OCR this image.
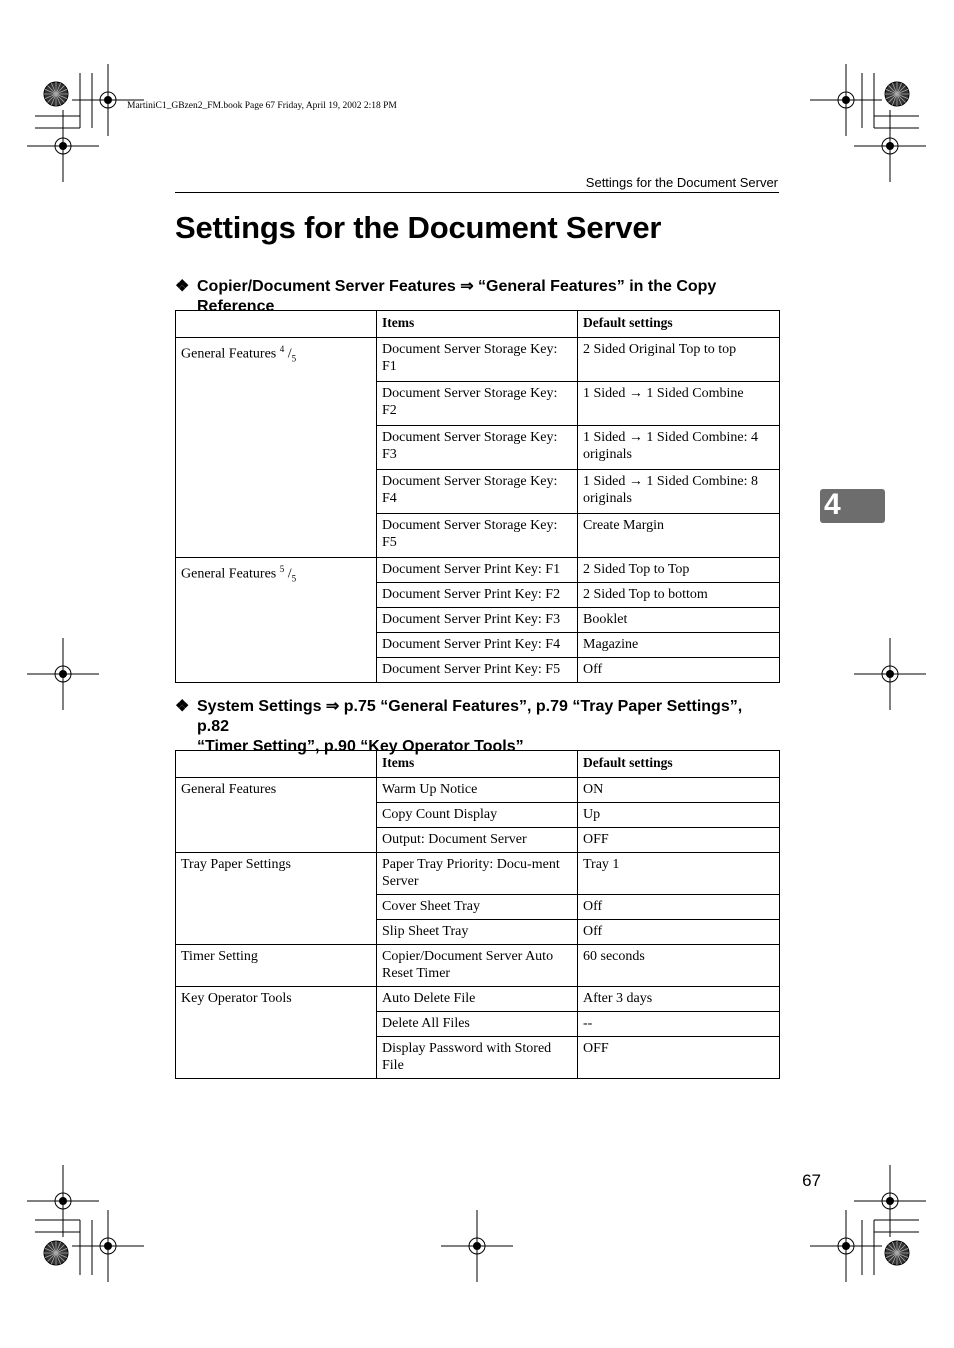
MartiniC1_GBzen2_FM.book Page 67 Friday, April 19, 2002 2:18 PM
Settings for the Document Server
Settings for the Document Server
❖ Copier/Document Server Features ⇒ “General Features” in the Copy Reference
	Items	Default settings
General Features $^4$ $/_5$	Document Server Storage Key: F1	2 Sided Original Top to top
	Document Server Storage Key: F2	1 Sided → 1 Sided Combine
	Document Server Storage Key: F3	1 Sided → 1 Sided Combine: 4 originals
	Document Server Storage Key: F4	1 Sided → 1 Sided Combine: 8 originals
	Document Server Storage Key: F5	Create Margin
General Features $^5$ $/_5$	Document Server Print Key: F1	2 Sided Top to Top
	Document Server Print Key: F2	2 Sided Top to bottom
	Document Server Print Key: F3	Booklet
	Document Server Print Key: F4	Magazine
	Document Server Print Key: F5	Off
❖ System Settings ⇒ p.75 “General Features”, p.79 “Tray Paper Settings”, p.82
“Timer Setting”, p.90 “Key Operator Tools”
	Items	Default settings
General Features	Warm Up Notice	ON
	Copy Count Display	Up
	Output: Document Server	OFF
Tray Paper Settings	Paper Tray Priority: Docu-ment Server	Tray 1
	Cover Sheet Tray	Off
	Slip Sheet Tray	Off
Timer Setting	Copier/Document Server Auto Reset Timer	60 seconds
Key Operator Tools	Auto Delete File	After 3 days
	Delete All Files	--
	Display Password with Stored File	OFF
4
67
